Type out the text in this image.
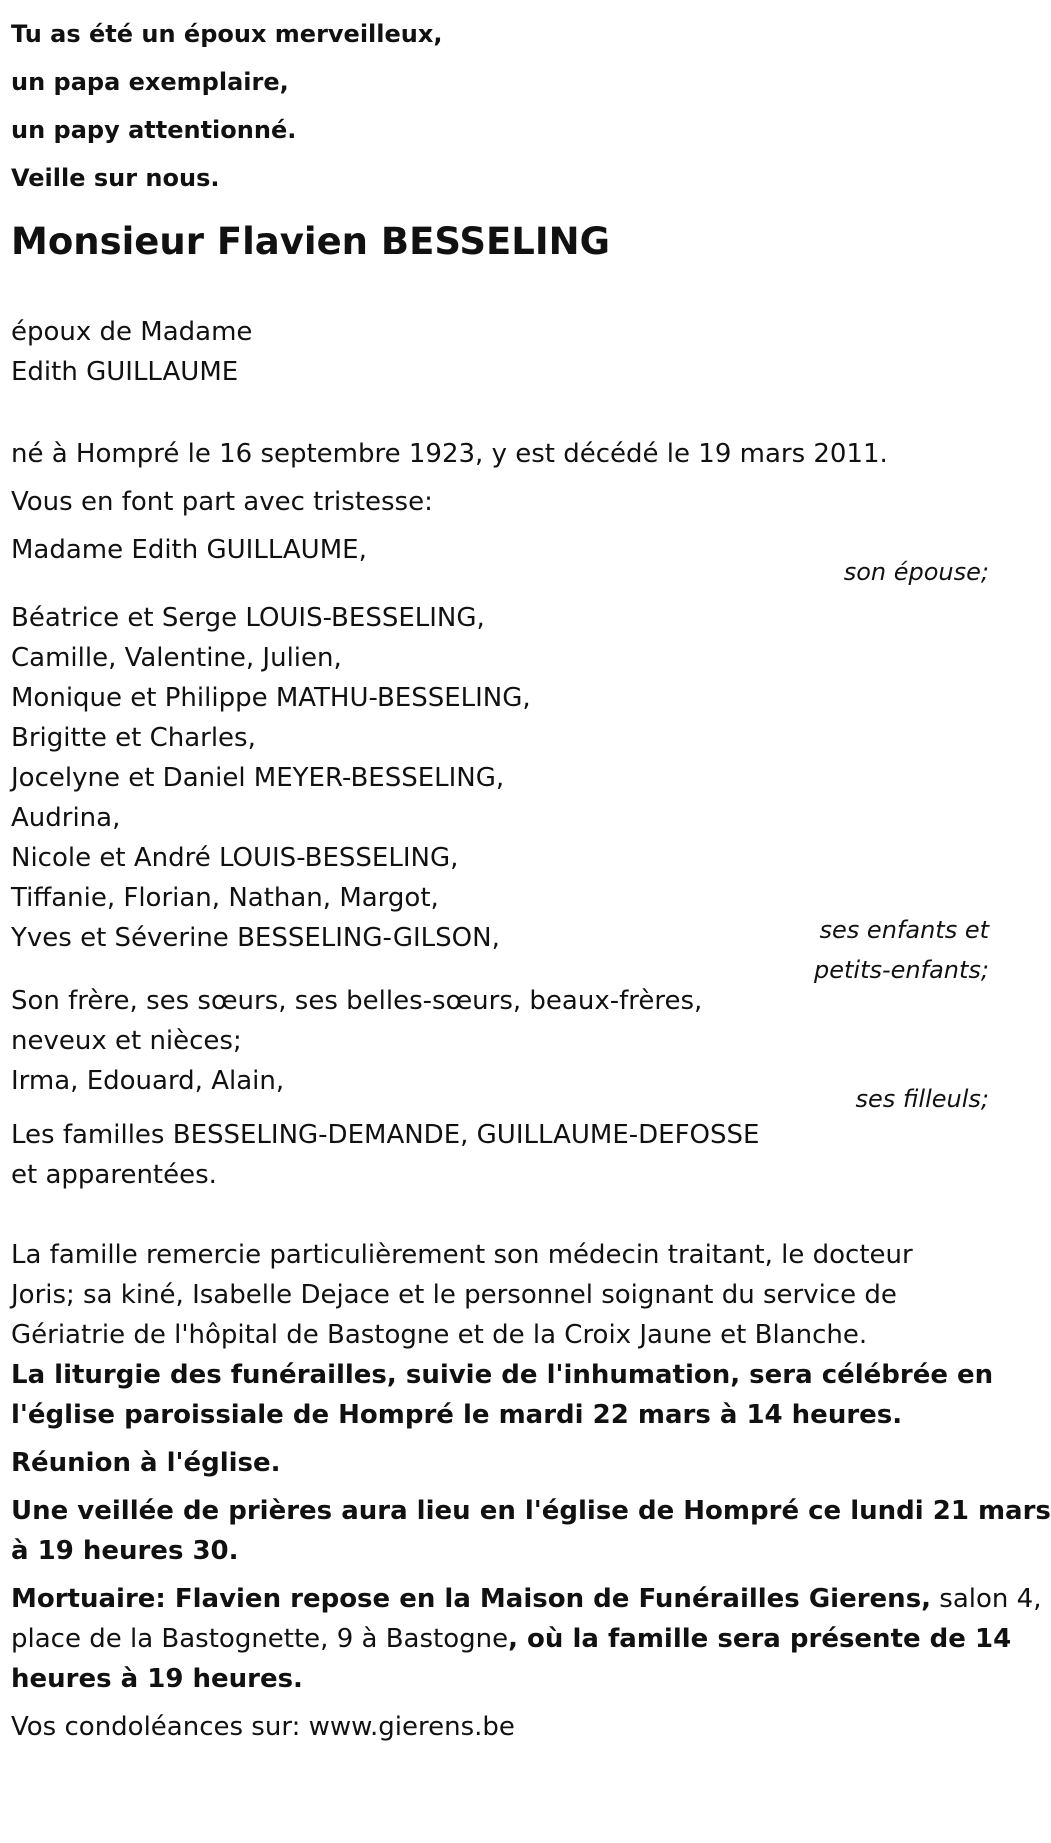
Tu as été un époux merveilleux,
un papa exemplaire,
un papy attentionné.
Veille sur nous.
Monsieur Flavien BESSELING
époux de Madame
Edith GUILLAUME
né à Hompré le 16 septembre 1923, y est décédé le 19 mars 2011.
Vous en font part avec tristesse:
Madame Edith GUILLAUME,
son épouse;
Béatrice et Serge LOUIS-BESSELING,
Camille, Valentine, Julien,
Monique et Philippe MATHU-BESSELING,
Brigitte et Charles,
Jocelyne et Daniel MEYER-BESSELING,
Audrina,
Nicole et André LOUIS-BESSELING,
Tiffanie, Florian, Nathan, Margot,
Yves et Séverine BESSELING-GILSON,	ses enfants et
petits-enfants;
Son frère, ses sœurs, ses belles-sœurs, beaux-frères,
neveux et nièces;
Irma, Edouard, Alain,
ses filleuls;
Les familles BESSELING-DEMANDE, GUILLAUME-DEFOSSE
et apparentées.
La famille remercie particulièrement son médecin traitant, le docteur
Joris; sa kiné, Isabelle Dejace et le personnel soignant du service de
Gériatrie de l'hôpital de Bastogne et de la Croix Jaune et Blanche.
La liturgie des funérailles, suivie de l'inhumation, sera célébrée en
l'église paroissiale de Hompré le mardi 22 mars à 14 heures.
Réunion à l'église.
Une veillée de prières aura lieu en l'église de Hompré ce lundi 21 mars
à 19 heures 30.
Mortuaire: Flavien repose en la Maison de Funérailles Gierens, salon 4,
place de la Bastognette, 9 à Bastogne, où la famille sera présente de 14
heures à 19 heures.
Vos condoléances sur: www.gierens.be
